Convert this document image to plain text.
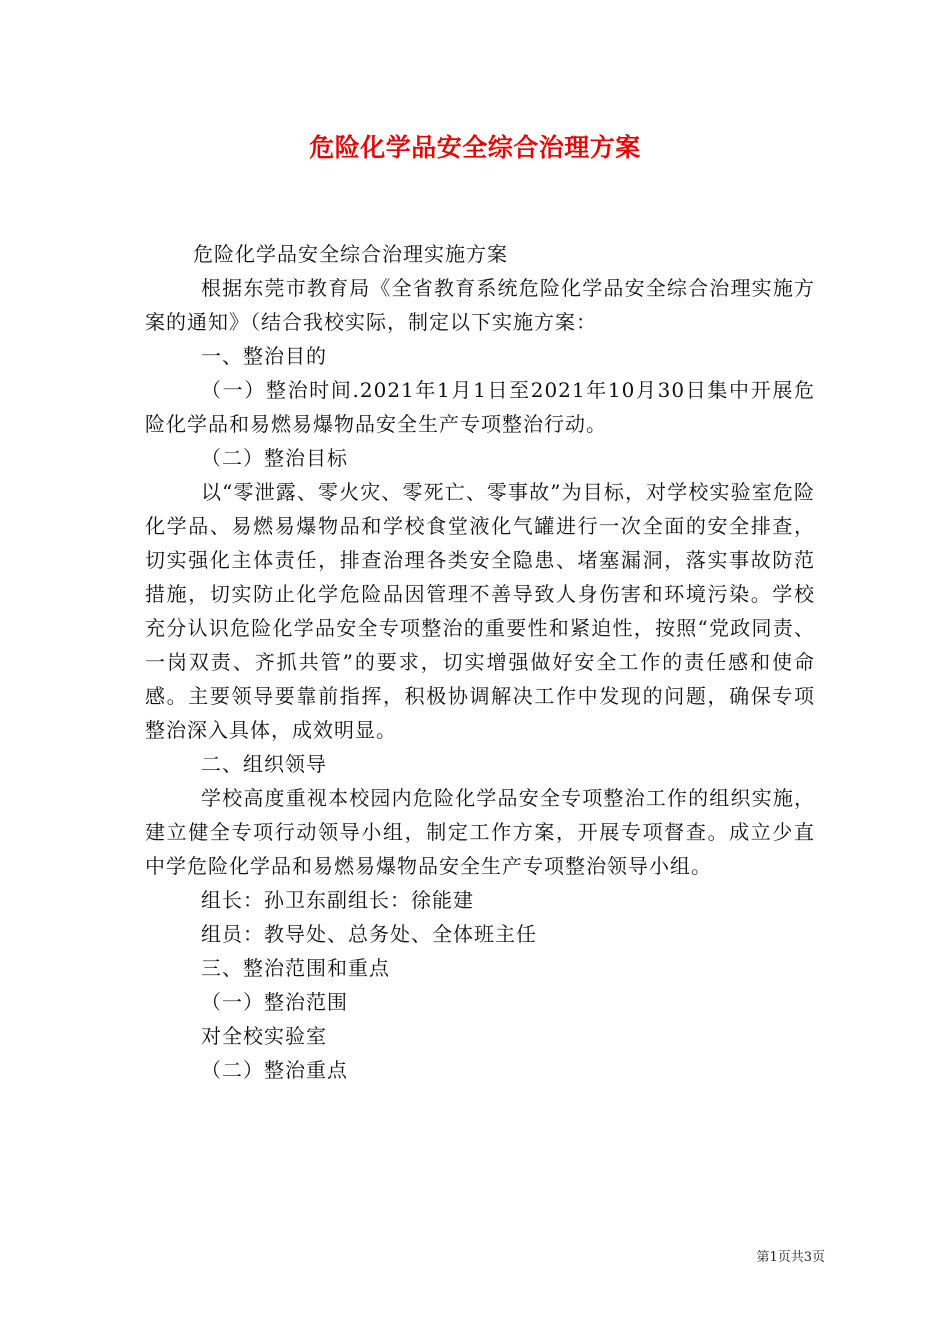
危险化学品安全综合治理方案

危险化学品安全综合治理实施方案

根据东莞市教育局《全省教育系统危险化学品安全综合治理实施方案的通知》（结合我校实际，制定以下实施方案：

一、整治目的

（一）整治时间.2021年1月1日至2021年10月30日集中开展危险化学品和易燃易爆物品安全生产专项整治行动。

（二）整治目标

以“零泄露、零火灾、零死亡、零事故”为目标，对学校实验室危险化学品、易燃易爆物品和学校食堂液化气罐进行一次全面的安全排查，切实强化主体责任，排查治理各类安全隐患、堵塞漏洞，落实事故防范措施，切实防止化学危险品因管理不善导致人身伤害和环境污染。学校充分认识危险化学品安全专项整治的重要性和紧迫性，按照“党政同责、一岗双责、齐抓共管”的要求，切实增强做好安全工作的责任感和使命感。主要领导要靠前指挥，积极协调解决工作中发现的问题，确保专项整治深入具体，成效明显。

二、组织领导

学校高度重视本校园内危险化学品安全专项整治工作的组织实施，建立健全专项行动领导小组，制定工作方案，开展专项督查。成立少直中学危险化学品和易燃易爆物品安全生产专项整治领导小组。

组长：孙卫东副组长：徐能建

组员：教导处、总务处、全体班主任

三、整治范围和重点

（一）整治范围

对全校实验室

（二）整治重点

第1页共3页
